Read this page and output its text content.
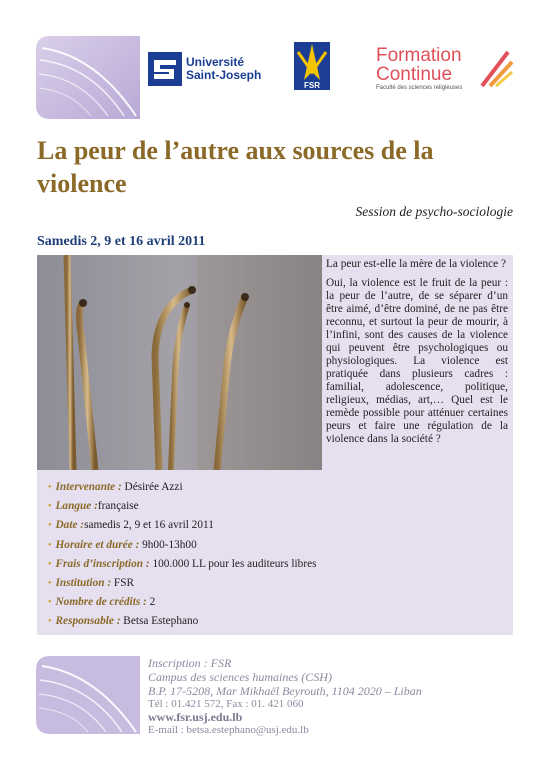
Université
Saint-Joseph
FSR
Formation
Continue
Faculté des sciences religieuses
La peur de l’autre aux sources de la violence
Session de psycho-sociologie
Samedis 2, 9 et 16 avril 2011

La peur est-elle la mère de la violence ?

Oui, la violence est le fruit de la peur : la peur de l’autre, de se séparer d’un être aimé, d’être dominé, de ne pas être reconnu, et surtout la peur de mourir, à l’infini, sont des causes de la violence qui peuvent être psychologiques ou physiologiques. La violence est pratiquée dans plusieurs cadres : familial, adolescence, politique, religieux, médias, art,… Quel est le remède possible pour atténuer certaines peurs et faire une régulation de la violence dans la société ?

• Intervenante : Désirée Azzi
• Langue :française
• Date :samedis 2, 9 et 16 avril 2011
• Horaire et durée : 9h00-13h00
• Frais d’inscription : 100.000 LL pour les auditeurs libres
• Institution : FSR
• Nombre de crédits : 2
• Responsable : Betsa Estephano
Inscription : FSR
Campus des sciences humaines (CSH)
B.P. 17-5208, Mar Mikhaël Beyrouth, 1104 2020 – Liban
Tél : 01.421 572, Fax : 01. 421 060
www.fsr.usj.edu.lb
E-mail : betsa.estephano@usj.edu.lb
